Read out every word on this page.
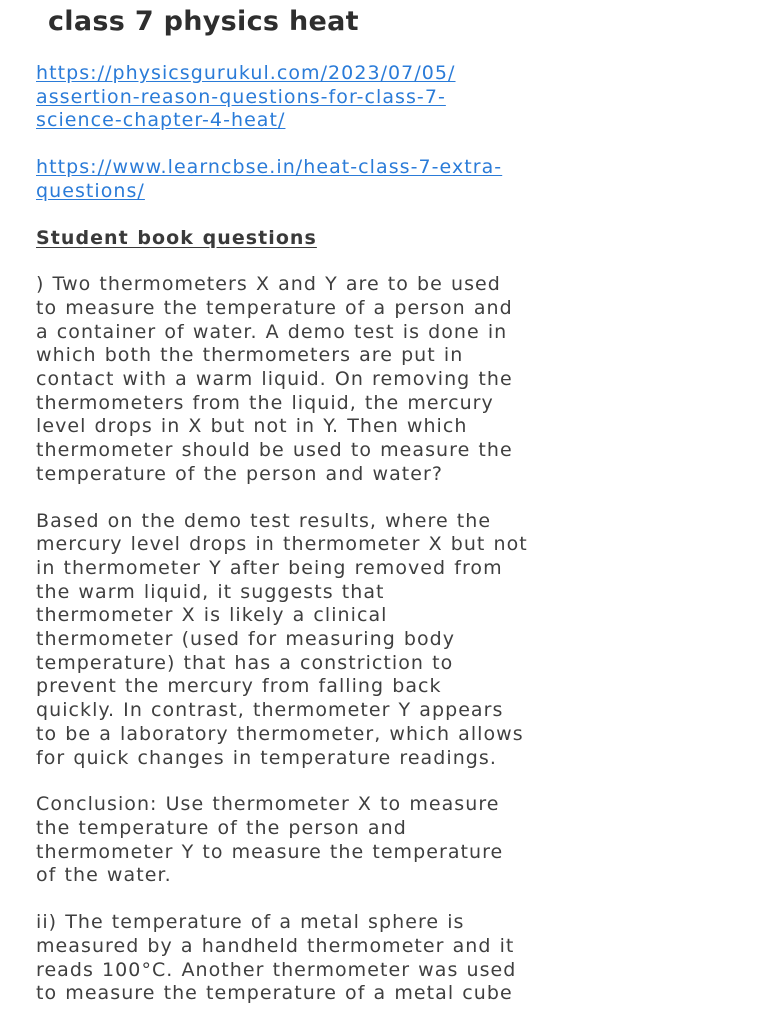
class 7 physics heat

https://physicsgurukul.com/2023/07/05/
assertion-reason-questions-for-class-7-
science-chapter-4-heat/

https://www.learncbse.in/heat-class-7-extra-
questions/

Student book questions

) Two thermometers X and Y are to be used
to measure the temperature of a person and
a container of water. A demo test is done in
which both the thermometers are put in
contact with a warm liquid. On removing the
thermometers from the liquid, the mercury
level drops in X but not in Y. Then which
thermometer should be used to measure the
temperature of the person and water?

Based on the demo test results, where the
mercury level drops in thermometer X but not
in thermometer Y after being removed from
the warm liquid, it suggests that
thermometer X is likely a clinical
thermometer (used for measuring body
temperature) that has a constriction to
prevent the mercury from falling back
quickly. In contrast, thermometer Y appears
to be a laboratory thermometer, which allows
for quick changes in temperature readings.

Conclusion: Use thermometer X to measure
the temperature of the person and
thermometer Y to measure the temperature
of the water.

ii) The temperature of a metal sphere is
measured by a handheld thermometer and it
reads 100°C. Another thermometer was used
to measure the temperature of a metal cube
